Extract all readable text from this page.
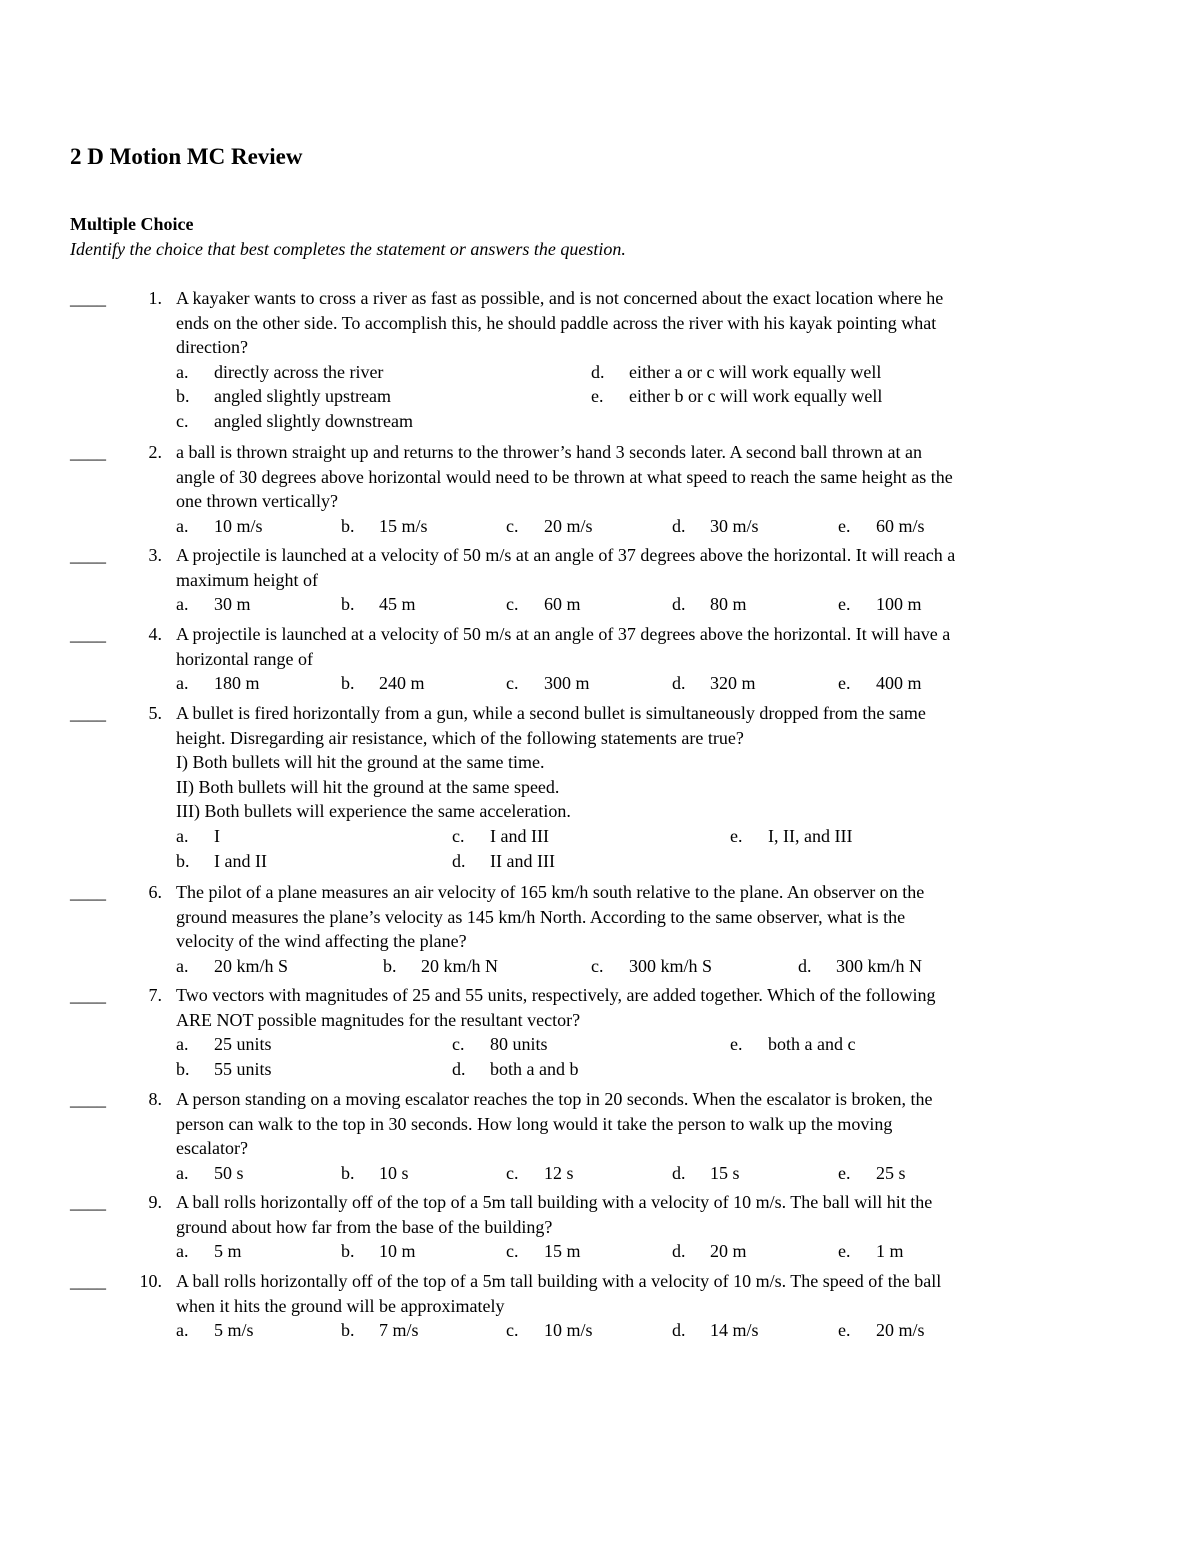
2 D Motion MC Review
Multiple Choice
Identify the choice that best completes the statement or answers the question.
____	1. A kayaker wants to cross a river as fast as possible, and is not concerned about the exact location where he
ends on the other side. To accomplish this, he should paddle across the river with his kayak pointing what
direction?
a. directly across the river
b. angled slightly upstream
c. angled slightly downstream
d. either a or c will work equally well
e. either b or c will work equally well
____	2. a ball is thrown straight up and returns to the thrower’s hand 3 seconds later. A second ball thrown at an
angle of 30 degrees above horizontal would need to be thrown at what speed to reach the same height as the
one thrown vertically?
a. 10 m/s	b. 15 m/s	c. 20 m/s	d. 30 m/s	e. 60 m/s
____	3. A projectile is launched at a velocity of 50 m/s at an angle of 37 degrees above the horizontal. It will reach a
maximum height of
a. 30 m	b. 45 m	c. 60 m	d. 80 m	e. 100 m
____	4. A projectile is launched at a velocity of 50 m/s at an angle of 37 degrees above the horizontal. It will have a
horizontal range of
a. 180 m	b. 240 m	c. 300 m	d. 320 m	e. 400 m
____	5. A bullet is fired horizontally from a gun, while a second bullet is simultaneously dropped from the same
height. Disregarding air resistance, which of the following statements are true?
I) Both bullets will hit the ground at the same time.
II) Both bullets will hit the ground at the same speed.
III) Both bullets will experience the same acceleration.
a. I
b. I and II
c. I and III
d. II and III
e. I, II, and III
____	6. The pilot of a plane measures an air velocity of 165 km/h south relative to the plane. An observer on the
ground measures the plane’s velocity as 145 km/h North. According to the same observer, what is the
velocity of the wind affecting the plane?
a. 20 km/h S	b. 20 km/h N	c. 300 km/h S	d. 300 km/h N
____	7. Two vectors with magnitudes of 25 and 55 units, respectively, are added together. Which of the following
ARE NOT possible magnitudes for the resultant vector?
a. 25 units
b. 55 units
c. 80 units
d. both a and b
e. both a and c
____	8. A person standing on a moving escalator reaches the top in 20 seconds. When the escalator is broken, the
person can walk to the top in 30 seconds. How long would it take the person to walk up the moving
escalator?
a. 50 s	b. 10 s	c. 12 s	d. 15 s	e. 25 s
____	9. A ball rolls horizontally off of the top of a 5m tall building with a velocity of 10 m/s. The ball will hit the
ground about how far from the base of the building?
a. 5 m	b. 10 m	c. 15 m	d. 20 m	e. 1 m
____	10. A ball rolls horizontally off of the top of a 5m tall building with a velocity of 10 m/s. The speed of the ball
when it hits the ground will be approximately
a. 5 m/s	b. 7 m/s	c. 10 m/s	d. 14 m/s	e. 20 m/s
